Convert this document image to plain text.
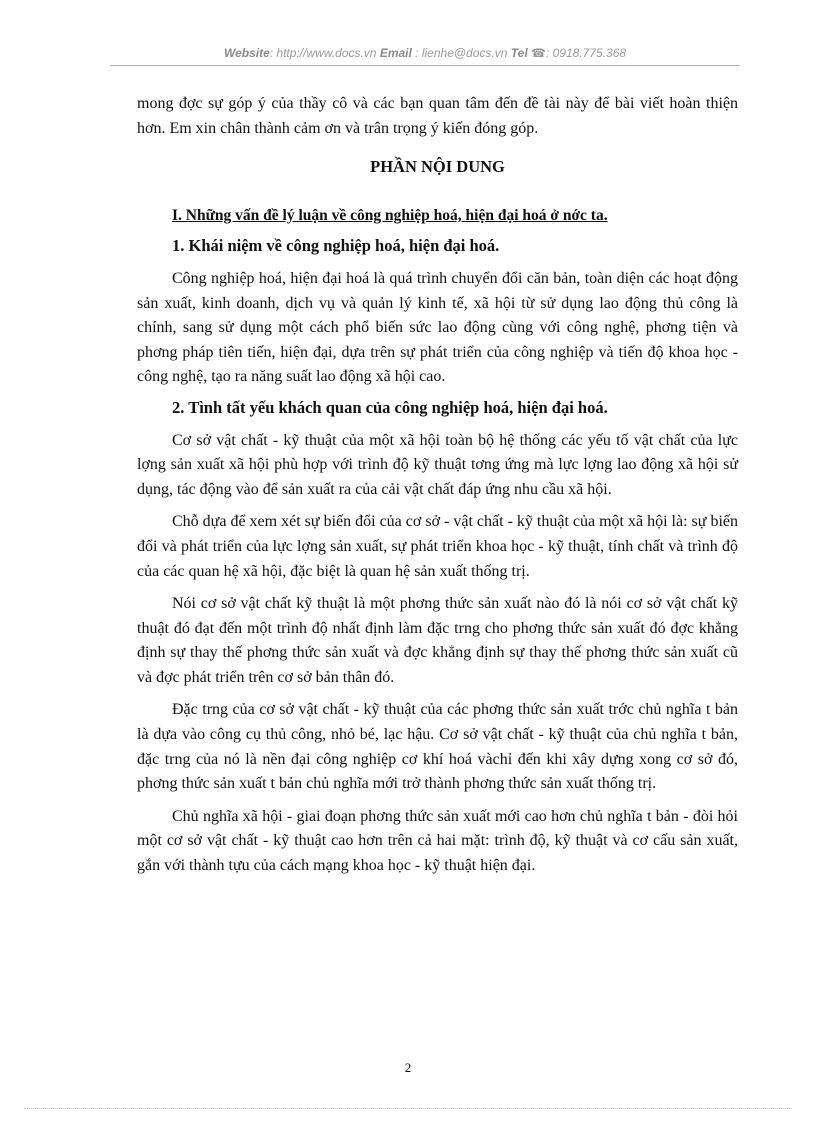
Website: http://www.docs.vn Email : lienhe@docs.vn Tel ☎: 0918.775.368

mong đợc sự góp ý của thầy cô và các bạn quan tâm đến đề tài này để bài viết hoàn thiện hơn. Em xin chân thành cảm ơn và trân trọng ý kiến đóng góp.

PHẦN NỘI DUNG

I. Những vấn đề lý luận về công nghiệp hoá, hiện đại hoá ở nớc ta.

1. Khái niệm về công nghiệp hoá, hiện đại hoá.

Công nghiệp hoá, hiện đại hoá là quá trình chuyển đổi căn bản, toàn diện các hoạt động sản xuất, kinh doanh, dịch vụ và quản lý kinh tế, xã hội từ sử dụng lao động thủ công là chính, sang sử dụng một cách phổ biến sức lao động cùng với công nghệ, phơng tiện và phơng pháp tiên tiến, hiện đại, dựa trên sự phát triển của công nghiệp và tiến độ khoa học - công nghệ, tạo ra năng suất lao động xã hội cao.

2. Tình tất yếu khách quan của công nghiệp hoá, hiện đại hoá.

Cơ sở vật chất - kỹ thuật của một xã hội toàn bộ hệ thống các yếu tố vật chất của lực lợng sản xuất xã hội phù hợp với trình độ kỹ thuật tơng ứng mà lực lợng lao động xã hội sử dụng, tác động vào để sản xuất ra của cải vật chất đáp ứng nhu cầu xã hội.

Chỗ dựa để xem xét sự biến đổi của cơ sở - vật chất - kỹ thuật của một xã hội là: sự biến đổi và phát triển của lực lợng sản xuất, sự phát triển khoa học - kỹ thuật, tính chất và trình độ của các quan hệ xã hội, đặc biệt là quan hệ sản xuất thống trị.

Nói cơ sở vật chất kỹ thuật là một phơng thức sản xuất nào đó là nói cơ sở vật chất kỹ thuật đó đạt đến một trình độ nhất định làm đặc trng cho phơng thức sản xuất đó đợc khẳng định sự thay thế phơng thức sản xuất và đợc khẳng định sự thay thế phơng thức sản xuất cũ và đợc phát triển trên cơ sở bản thân đó.

Đặc trng của cơ sở vật chất - kỹ thuật của các phơng thức sản xuất trớc chủ nghĩa t bản là dựa vào công cụ thủ công, nhỏ bé, lạc hậu. Cơ sở vật chất - kỹ thuật của chủ nghĩa t bản, đặc trng của nó là nền đại công nghiệp cơ khí hoá vàchỉ đến khi xây dựng xong cơ sở đó, phơng thức sản xuất t bản chủ nghĩa mới trở thành phơng thức sản xuất thống trị.

Chủ nghĩa xã hội - giai đoạn phơng thức sản xuất mới cao hơn chủ nghĩa t bản - đòi hỏi một cơ sở vật chất - kỹ thuật cao hơn trên cả hai mặt: trình độ, kỹ thuật và cơ cấu sản xuất, gắn với thành tựu của cách mạng khoa học - kỹ thuật hiện đại.

2
